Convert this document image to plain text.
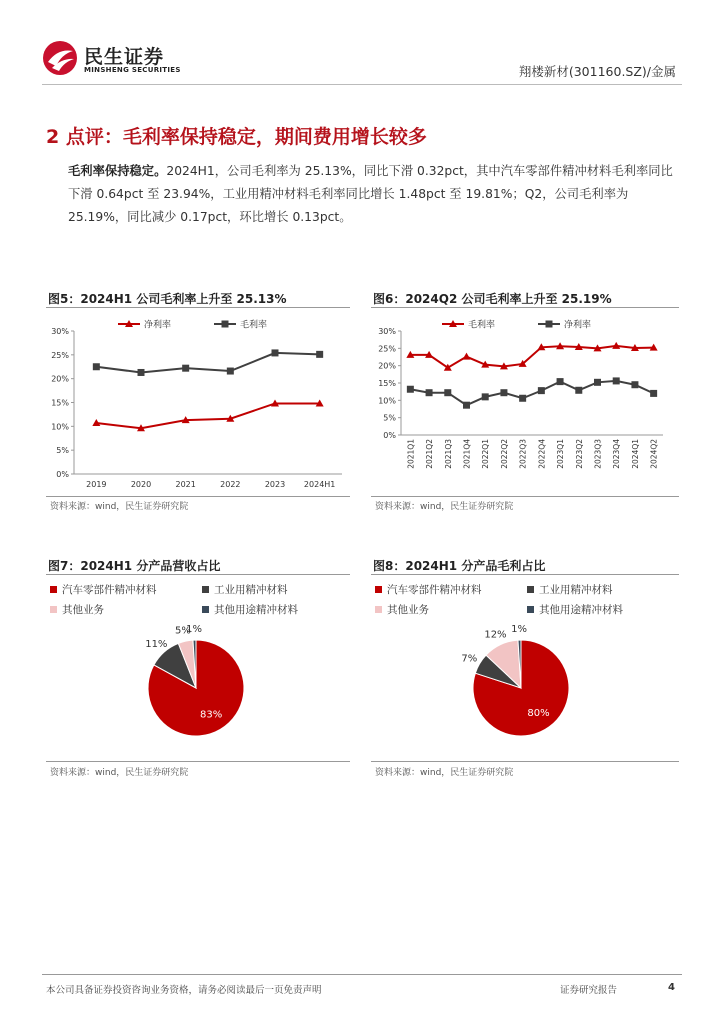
民生证券
MINSHENG SECURITIES	翔楼新材(301160.SZ)/金属
2 点评：毛利率保持稳定，期间费用增长较多
毛利率保持稳定。2024H1，公司毛利率为 25.13%，同比下滑 0.32pct，其中汽车零部件精冲材料毛利率同比下滑 0.64pct 至 23.94%，工业用精冲材料毛利率同比增长 1.48pct 至 19.81%；Q2，公司毛利率为 25.19%，同比减少 0.17pct，环比增长 0.13pct。
图5：2024H1 公司毛利率上升至 25.13%
0%
5%
10%
15%
20%
25%
30%
2019	2020	2021	2022	2023 2024H1
净利率	毛利率
资料来源：wind，民生证券研究院
图6：2024Q2 公司毛利率上升至 25.19%
0%
5%
10%
15%
20%
25%
30%
2021Q1 2021Q2 2021Q3 2021Q4 2022Q1 2022Q2 2022Q3 2022Q4 2023Q1 2023Q2 2023Q3 2023Q4 2024Q1 2024Q2
毛利率	净利率
资料来源：wind，民生证券研究院
图7：2024H1 分产品营收占比
汽车零部件精冲材料	工业用精冲材料
其他业务	其他用途精冲材料
83%
11%
5%
1%
资料来源：wind，民生证券研究院
图8：2024H1 分产品毛利占比
汽车零部件精冲材料	工业用精冲材料
其他业务	其他用途精冲材料
80%
7%
12%
1%
资料来源：wind，民生证券研究院
本公司具备证券投资咨询业务资格，请务必阅读最后一页免责声明	证券研究报告	4
